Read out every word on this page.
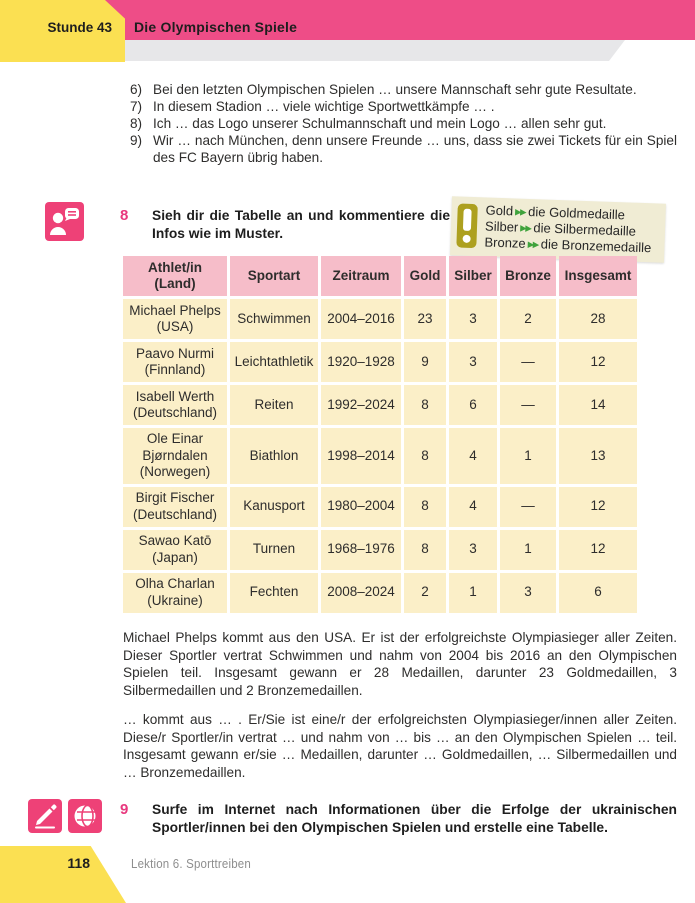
Stunde 43 Die Olympischen Spiele
6) Bei den letzten Olympischen Spielen … unsere Mannschaft sehr gute Resultate.
7) In diesem Stadion … viele wichtige Sportwettkämpfe … .
8) Ich … das Logo unserer Schulmannschaft und mein Logo … allen sehr gut.
9) Wir … nach München, denn unsere Freunde … uns, dass sie zwei Tickets für ein Spiel des FC Bayern übrig haben.
8 Sieh dir die Tabelle an und kommentiere die Infos wie im Muster.
Gold ▶▶ die Goldmedaille
Silber ▶▶ die Silbermedaille
Bronze ▶▶ die Bronzemedaille
Athlet/in (Land)	Sportart	Zeitraum	Gold	Silber	Bronze	Insgesamt
Michael Phelps (USA)	Schwimmen	2004–2016	23	3	2	28
Paavo Nurmi (Finnland)	Leichtathletik	1920–1928	9	3	—	12
Isabell Werth (Deutschland)	Reiten	1992–2024	8	6	—	14
Ole Einar Bjørndalen (Norwegen)	Biathlon	1998–2014	8	4	1	13
Birgit Fischer (Deutschland)	Kanusport	1980–2004	8	4	—	12
Sawao Katō (Japan)	Turnen	1968–1976	8	3	1	12
Olha Charlan (Ukraine)	Fechten	2008–2024	2	1	3	6
Michael Phelps kommt aus den USA. Er ist der erfolgreichste Olympiasieger aller Zeiten. Dieser Sportler vertrat Schwimmen und nahm von 2004 bis 2016 an den Olympischen Spielen teil. Insgesamt gewann er 28 Medaillen, darunter 23 Goldmedaillen, 3 Silbermedaillen und 2 Bronzemedaillen.
… kommt aus … . Er/Sie ist eine/r der erfolgreichsten Olympiasieger/innen aller Zeiten. Diese/r Sportler/in vertrat … und nahm von … bis … an den Olympischen Spielen … teil. Insgesamt gewann er/sie … Medaillen, darunter … Goldmedaillen, … Silbermedaillen und … Bronzemedaillen.
9 Surfe im Internet nach Informationen über die Erfolge der ukrainischen Sportler/innen bei den Olympischen Spielen und erstelle eine Tabelle.
118	Lektion 6. Sporttreiben
